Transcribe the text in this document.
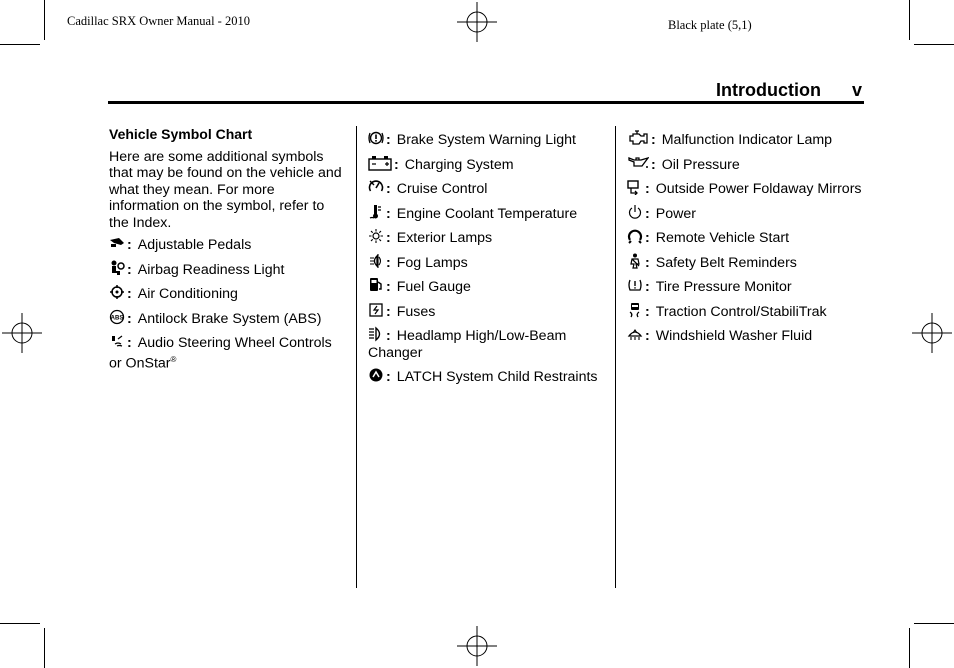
Cadillac SRX Owner Manual - 2010	Black plate (5,1)
Introduction v
Vehicle Symbol Chart
Here are some additional symbols that may be found on the vehicle and what they mean. For more information on the symbol, refer to the Index.
: Adjustable Pedals
: Airbag Readiness Light
: Air Conditioning
ABS : Antilock Brake System (ABS)
: Audio Steering Wheel Controls or OnStar®
: Brake System Warning Light
: Charging System
: Cruise Control
: Engine Coolant Temperature
: Exterior Lamps
: Fog Lamps
: Fuel Gauge
: Fuses
: Headlamp High/Low-Beam Changer
: LATCH System Child Restraints
: Malfunction Indicator Lamp
: Oil Pressure
: Outside Power Foldaway Mirrors
: Power
: Remote Vehicle Start
: Safety Belt Reminders
: Tire Pressure Monitor
: Traction Control/StabiliTrak
: Windshield Washer Fluid
